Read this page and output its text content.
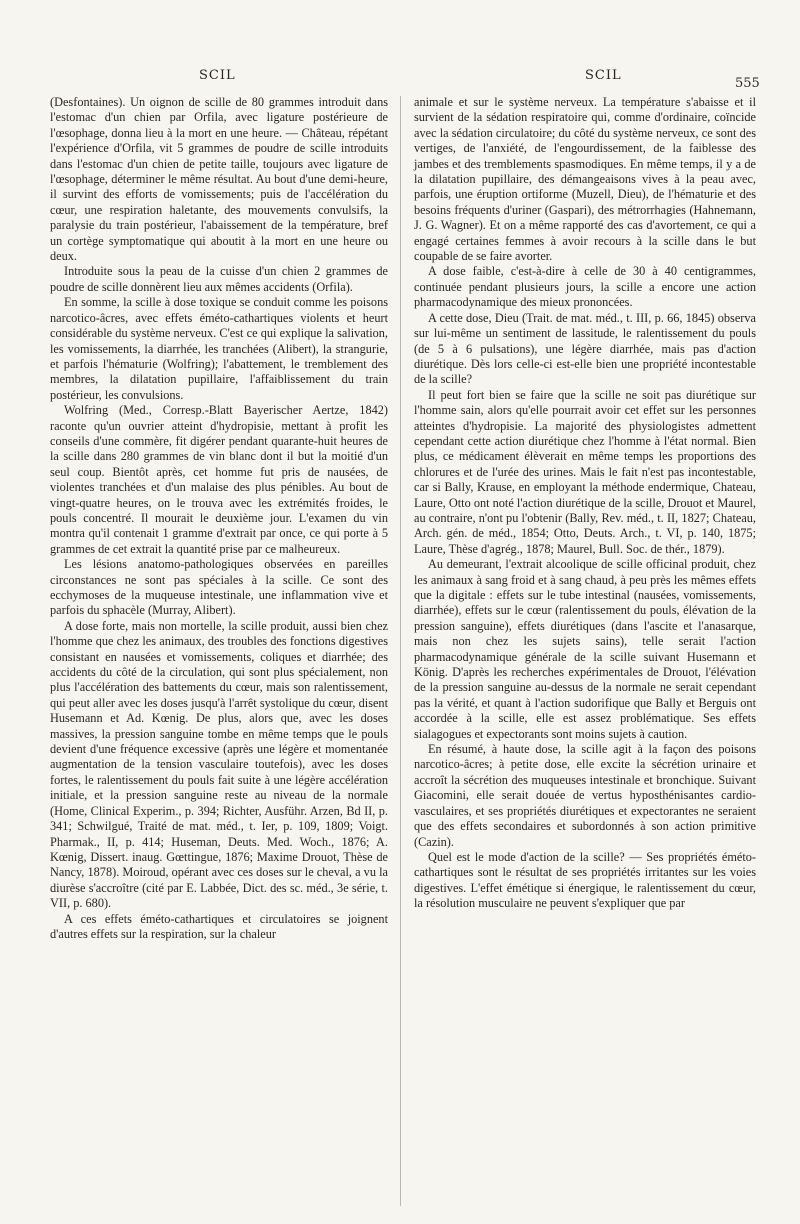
SCIL	SCIL
555

(Desfontaines). Un oignon de scille de 80 grammes introduit dans l'estomac d'un chien par Orfila, avec ligature postérieure de l'œsophage, donna lieu à la mort en une heure. — Château, répétant l'expérience d'Orfila, vit 5 grammes de poudre de scille introduits dans l'estomac d'un chien de petite taille, toujours avec ligature de l'œsophage, déterminer le même résultat. Au bout d'une demi-heure, il survint des efforts de vomissements; puis de l'accélération du cœur, une respiration haletante, des mouvements convulsifs, la paralysie du train postérieur, l'abaissement de la température, bref un cortège symptomatique qui aboutit à la mort en une heure ou deux.

Introduite sous la peau de la cuisse d'un chien 2 grammes de poudre de scille donnèrent lieu aux mêmes accidents (Orfila).

En somme, la scille à dose toxique se conduit comme les poisons narcotico-âcres, avec effets émétо-cathartiques violents et heurt considérable du système nerveux. C'est ce qui explique la salivation, les vomissements, la diarrhée, les tranchées (Alibert), la strangurie, et parfois l'hématurie (Wolfring); l'abattement, le tremblement des membres, la dilatation pupillaire, l'affaiblissement du train postérieur, les convulsions.

Wolfring (Med., Corresp.-Blatt Bayerischer Aertze, 1842) raconte qu'un ouvrier atteint d'hydropisie, mettant à profit les conseils d'une commère, fit digérer pendant quarante-huit heures de la scille dans 280 grammes de vin blanc dont il but la moitié d'un seul coup. Bientôt après, cet homme fut pris de nausées, de violentes tranchées et d'un malaise des plus pénibles. Au bout de vingt-quatre heures, on le trouva avec les extrémités froides, le pouls concentré. Il mourait le deuxième jour. L'examen du vin montra qu'il contenait 1 gramme d'extrait par once, ce qui porte à 5 grammes de cet extrait la quantité prise par ce malheureux.

Les lésions anatomo-pathologiques observées en pareilles circonstances ne sont pas spéciales à la scille. Ce sont des ecchymoses de la muqueuse intestinale, une inflammation vive et parfois du sphacèle (Murray, Alibert).

A dose forte, mais non mortelle, la scille produit, aussi bien chez l'homme que chez les animaux, des troubles des fonctions digestives consistant en nausées et vomissements, coliques et diarrhée; des accidents du côté de la circulation, qui sont plus spécialement, non plus l'accélération des battements du cœur, mais son ralentissement, qui peut aller avec les doses jusqu'à l'arrêt systolique du cœur, disent Husemann et Ad. Kœnig. De plus, alors que, avec les doses massives, la pression sanguine tombe en même temps que le pouls devient d'une fréquence excessive (après une légère et momentanée augmentation de la tension vasculaire toutefois), avec les doses fortes, le ralentissement du pouls fait suite à une légère accélération initiale, et la pression sanguine reste au niveau de la normale (Home, Clinical Experim., p. 394; Richter, Ausführ. Arzen, Bd II, p. 341; Schwilgué, Traité de mat. méd., t. Ier, p. 109, 1809; Voigt. Pharmak., II, p. 414; Huseman, Deuts. Med. Woch., 1876; A. Kœnig, Dissert. inaug. Gœttingue, 1876; Maxime Drouot, Thèse de Nancy, 1878). Moiroud, opérant avec ces doses sur le cheval, a vu la diurèse s'accroître (cité par E. Labbée, Dict. des sc. méd., 3e série, t. VII, p. 680).

A ces effets émétо-cathartiques et circulatoires se joignent d'autres effets sur la respiration, sur la chaleur

animale et sur le système nerveux. La température s'abaisse et il survient de la sédation respiratoire qui, comme d'ordinaire, coïncide avec la sédation circulatoire; du côté du système nerveux, ce sont des vertiges, de l'anxiété, de l'engourdissement, de la faiblesse des jambes et des tremblements spasmodiques. En même temps, il y a de la dilatation pupillaire, des démangeaisons vives à la peau avec, parfois, une éruption ortiforme (Muzell, Dieu), de l'hématurie et des besoins fréquents d'uriner (Gaspari), des métrorrhagies (Hahnemann, J. G. Wagner). Et on a même rapporté des cas d'avortement, ce qui a engagé certaines femmes à avoir recours à la scille dans le but coupable de se faire avorter.

A dose faible, c'est-à-dire à celle de 30 à 40 centigrammes, continuée pendant plusieurs jours, la scille a encore une action pharmacodynamique des mieux prononcées.

A cette dose, Dieu (Trait. de mat. méd., t. III, p. 66, 1845) observa sur lui-même un sentiment de lassitude, le ralentissement du pouls (de 5 à 6 pulsations), une légère diarrhée, mais pas d'action diurétique. Dès lors celle-ci est-elle bien une propriété incontestable de la scille?

Il peut fort bien se faire que la scille ne soit pas diurétique sur l'homme sain, alors qu'elle pourrait avoir cet effet sur les personnes atteintes d'hydropisie. La majorité des physiologistes admettent cependant cette action diurétique chez l'homme à l'état normal. Bien plus, ce médicament élèverait en même temps les proportions des chlorures et de l'urée des urines. Mais le fait n'est pas incontestable, car si Bally, Krause, en employant la méthode endermique, Chateau, Laure, Otto ont noté l'action diurétique de la scille, Drouot et Maurel, au contraire, n'ont pu l'obtenir (Bally, Rev. méd., t. II, 1827; Chateau, Arch. gén. de méd., 1854; Otto, Deuts. Arch., t. VI, p. 140, 1875; Laure, Thèse d'agrég., 1878; Maurel, Bull. Soc. de thér., 1879).

Au demeurant, l'extrait alcoolique de scille officinal produit, chez les animaux à sang froid et à sang chaud, à peu près les mêmes effets que la digitale : effets sur le tube intestinal (nausées, vomissements, diarrhée), effets sur le cœur (ralentissement du pouls, élévation de la pression sanguine), effets diurétiques (dans l'ascite et l'anasarque, mais non chez les sujets sains), telle serait l'action pharmacodynamique générale de la scille suivant Husemann et König. D'après les recherches expérimentales de Drouot, l'élévation de la pression sanguine au-dessus de la normale ne serait cependant pas la vérité, et quant à l'action sudorifique que Bally et Berguis ont accordée à la scille, elle est assez problématique. Ses effets sialagogues et expectorants sont moins sujets à caution.

En résumé, à haute dose, la scille agit à la façon des poisons narcotico-âcres; à petite dose, elle excite la sécrétion urinaire et accroît la sécrétion des muqueuses intestinale et bronchique. Suivant Giacomini, elle serait douée de vertus hyposthénisantes cardio-vasculaires, et ses propriétés diurétiques et expectorantes ne seraient que des effets secondaires et subordonnés à son action primitive (Cazin).

Quel est le mode d'action de la scille? — Ses propriétés émétо-cathartiques sont le résultat de ses propriétés irritantes sur les voies digestives. L'effet émétique si énergique, le ralentissement du cœur, la résolution musculaire ne peuvent s'expliquer que par
